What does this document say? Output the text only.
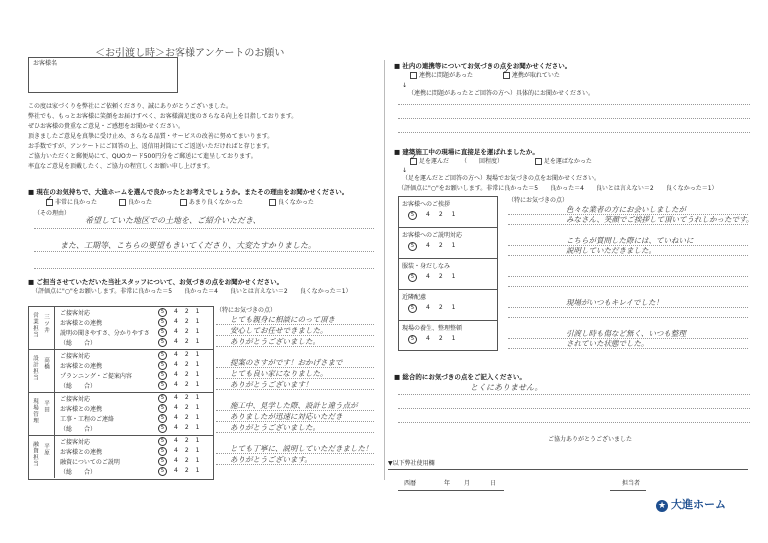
＜お引渡し時＞お客様アンケートのお願い
お客様名
この度は家づくりを弊社にご依頼くださり、誠にありがとうございました。
弊社でも、もっとお客様に笑顔をお届けすべく、お客様満足度のさらなる向上を目指しております。
ぜひお客様の貴重なご意見・ご感想をお聞かせください。
頂きましたご意見を真摯に受け止め、さらなる品質・サービスの改善に努めてまいります。
お手数ですが、アンケートにご回答の上、返信用封筒にてご返送いただければと存じます。
ご協力いただくと郵便局にて、QUOカード500円分をご郵送にて進呈しております。
率直なご意見を頂戴したく、ご協力の程宜しくお願い申し上げます。
■ 現在のお気持ちで、大進ホームを選んで良かったとお考えでしょうか。またその理由をお聞かせください。
✓非常に良かった	良かった	あまり良くなかった	良くなかった
（その理由）
希望していた地区での土地を、ご紹介いただき、
また、工期等、こちらの要望もきいてくださり、大変たすかりました。
■ ご担当させていただいた当社スタッフについて、お気づきの点をお聞かせください。
（評価点に"○"をお願いします。非常に良かった＝5　　良かった＝4　　良いとは言えない＝2　　良くなかった＝1）
（特にお気づきの点）
営業担当 三ツ井
ご接客対応	5 4 2 1
お客様との連携	5 4 2 1
説明の聞きやすさ、分かりやすさ	5 4 2 1
（総　　合）	5 4 2 1
とても親身に相談にのって頂き
安心してお任せできました。
ありがとうございました。
設計担当 高橋
ご接客対応	5 4 2 1
お客様との連携	5 4 2 1
プランニング・ご提案内容	5 4 2 1
（総　　合）	5 4 2 1
提案のさすがです！おかげさまで
とても良い家になりました。
ありがとうございます！
現場管理 平田
ご接客対応	5 4 2 1
お客様との連携	5 4 2 1
工事・工程のご連絡	5 4 2 1
（総　　合）	5 4 2 1
施工中、見学した際、設計と違う点が
ありましたが迅速に対応いただき
ありがとうございました。
融資担当 平原
ご接客対応	5 4 2 1
お客様との連携	5 4 2 1
融資についてのご説明	5 4 2 1
（総　　合）	5 4 2 1
とても丁寧に、説明していただきました！
ありがとうございます。
■ 社内の連携等についてお気づきの点をお聞かせください。
連携に問題があった ✓	連携が取れていた
↓
（連携に問題があったとご回答の方へ）具体的にお聞かせください。
■ 建築施工中の現場に直接足を運ばれましたか。
✓足を運んだ （　　回程度）	足を運ばなかった
↓
（足を運んだとご回答の方へ）現場でお気づきの点をお聞かせください。
（評価点に"○"をお願いします。非常に良かった＝5　　良かった＝4　　良いとは言えない＝2　　良くなかった＝1）
（特にお気づきの点）
お客様へのご挨拶
5 4 2 1
色々な業者の方にお会いしましたが
みなさん、笑顔でご挨拶して頂いてうれしかったです。
お客様へのご説明対応
5 4 2 1
こちらが質問した際には、ていねいに
説明していただきました。
服装・身だしなみ
5 4 2 1
近隣配慮
5 4 2 1
現場がいつもキレイでした！
現場の養生、整理整頓
5 4 2 1
引渡し時も傷など無く、いつも整理
されていた状態でした。
■ 総合的にお気づきの点をご記入ください。
とくにありません。
ご協力ありがとうございました
▼以下弊社使用欄
西暦	年 月	日	担当者
★ 大進ホーム
